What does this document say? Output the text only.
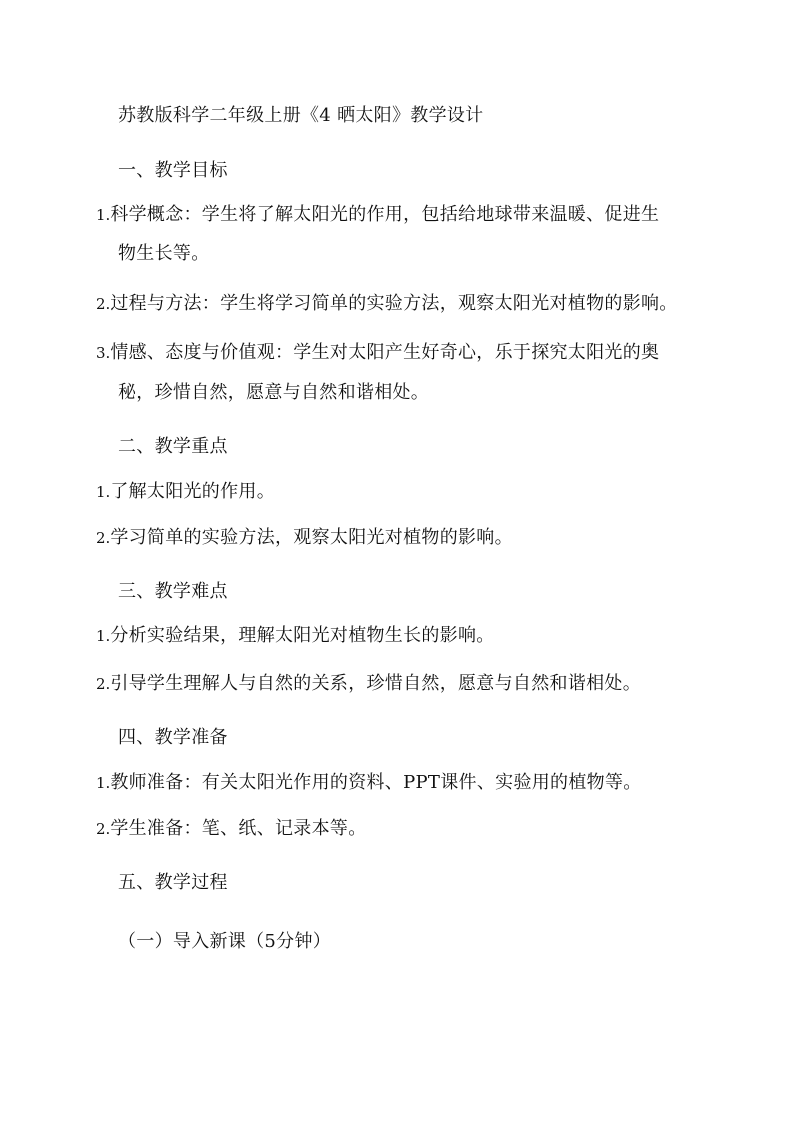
苏教版科学二年级上册《4 晒太阳》教学设计
一、教学目标
1.科学概念：学生将了解太阳光的作用，包括给地球带来温暖、促进生
物生长等。
2.过程与方法：学生将学习简单的实验方法，观察太阳光对植物的影响。
3.情感、态度与价值观：学生对太阳产生好奇心，乐于探究太阳光的奥
秘，珍惜自然，愿意与自然和谐相处。
二、教学重点
1.了解太阳光的作用。
2.学习简单的实验方法，观察太阳光对植物的影响。
三、教学难点
1.分析实验结果，理解太阳光对植物生长的影响。
2.引导学生理解人与自然的关系，珍惜自然，愿意与自然和谐相处。
四、教学准备
1.教师准备：有关太阳光作用的资料、PPT课件、实验用的植物等。
2.学生准备：笔、纸、记录本等。
五、教学过程
（一）导入新课（5分钟）
